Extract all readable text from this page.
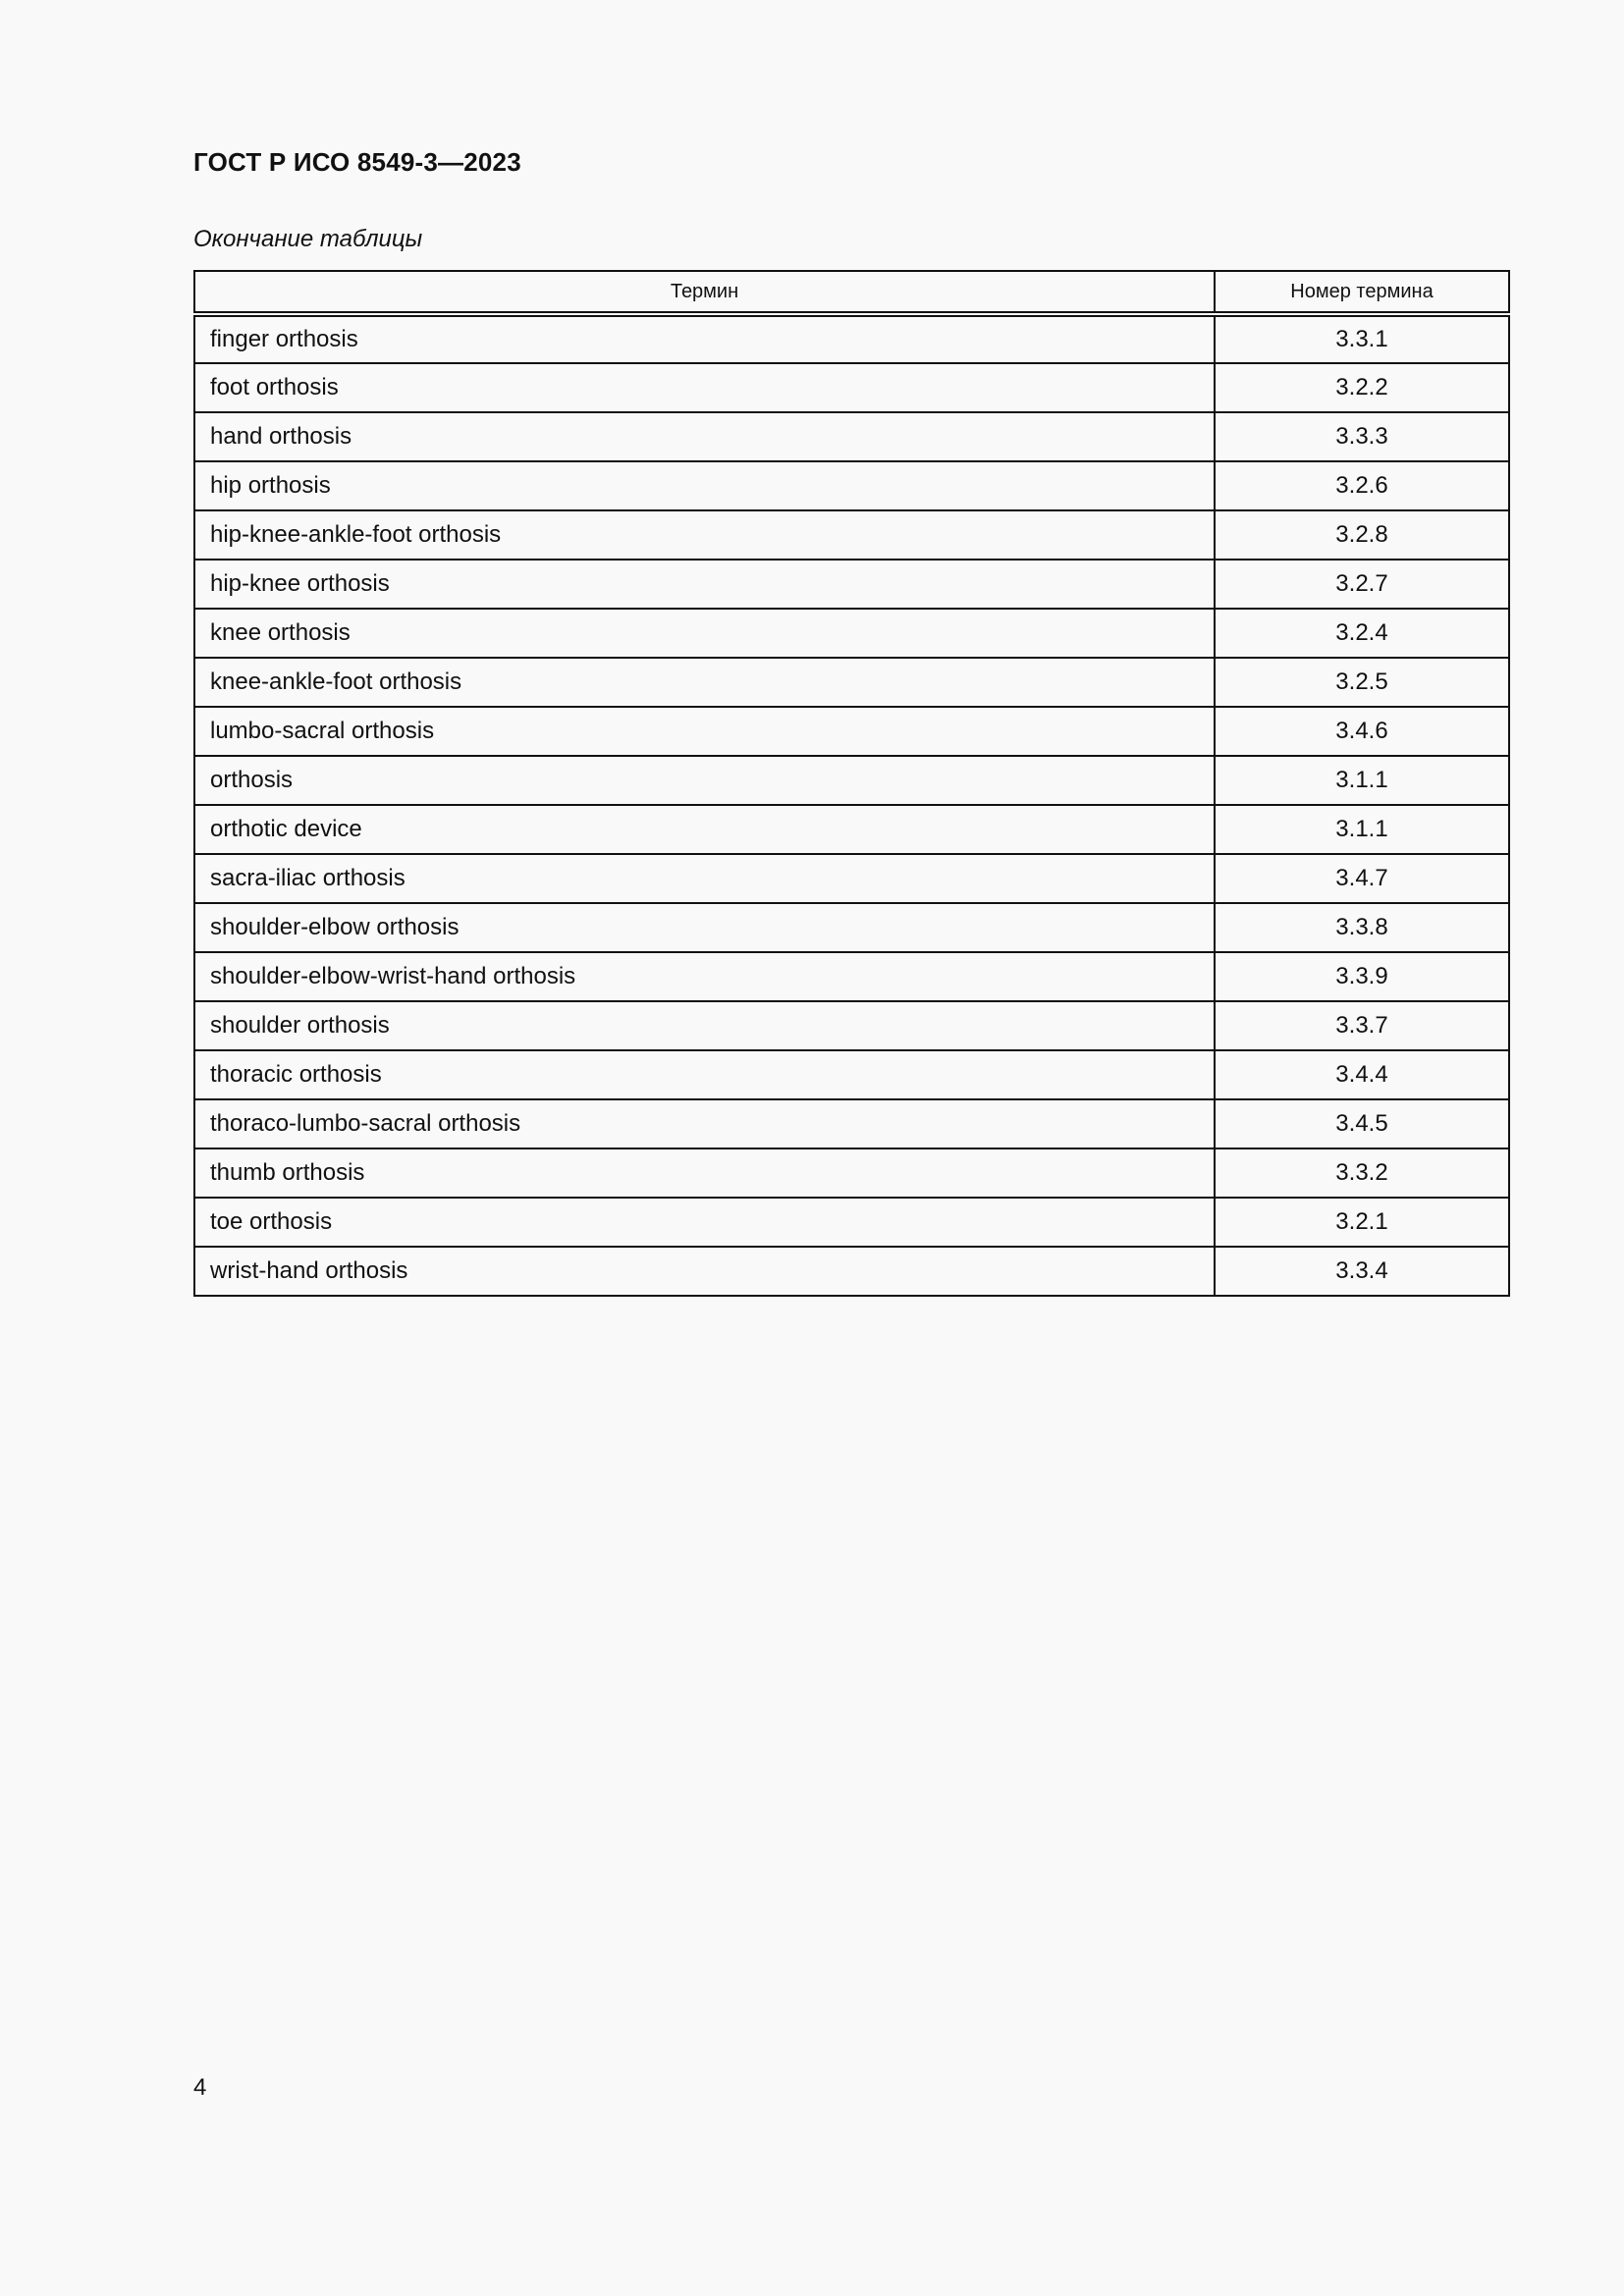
ГОСТ Р ИСО 8549-3—2023

Окончание таблицы

Термин	Номер термина
finger orthosis	3.3.1
foot orthosis	3.2.2
hand orthosis	3.3.3
hip orthosis	3.2.6
hip-knee-ankle-foot orthosis	3.2.8
hip-knee orthosis	3.2.7
knee orthosis	3.2.4
knee-ankle-foot orthosis	3.2.5
lumbo-sacral orthosis	3.4.6
orthosis	3.1.1
orthotic device	3.1.1
sacra-iliac orthosis	3.4.7
shoulder-elbow orthosis	3.3.8
shoulder-elbow-wrist-hand orthosis	3.3.9
shoulder orthosis	3.3.7
thoracic orthosis	3.4.4
thoraco-lumbo-sacral orthosis	3.4.5
thumb orthosis	3.3.2
toe orthosis	3.2.1
wrist-hand orthosis	3.3.4

4
